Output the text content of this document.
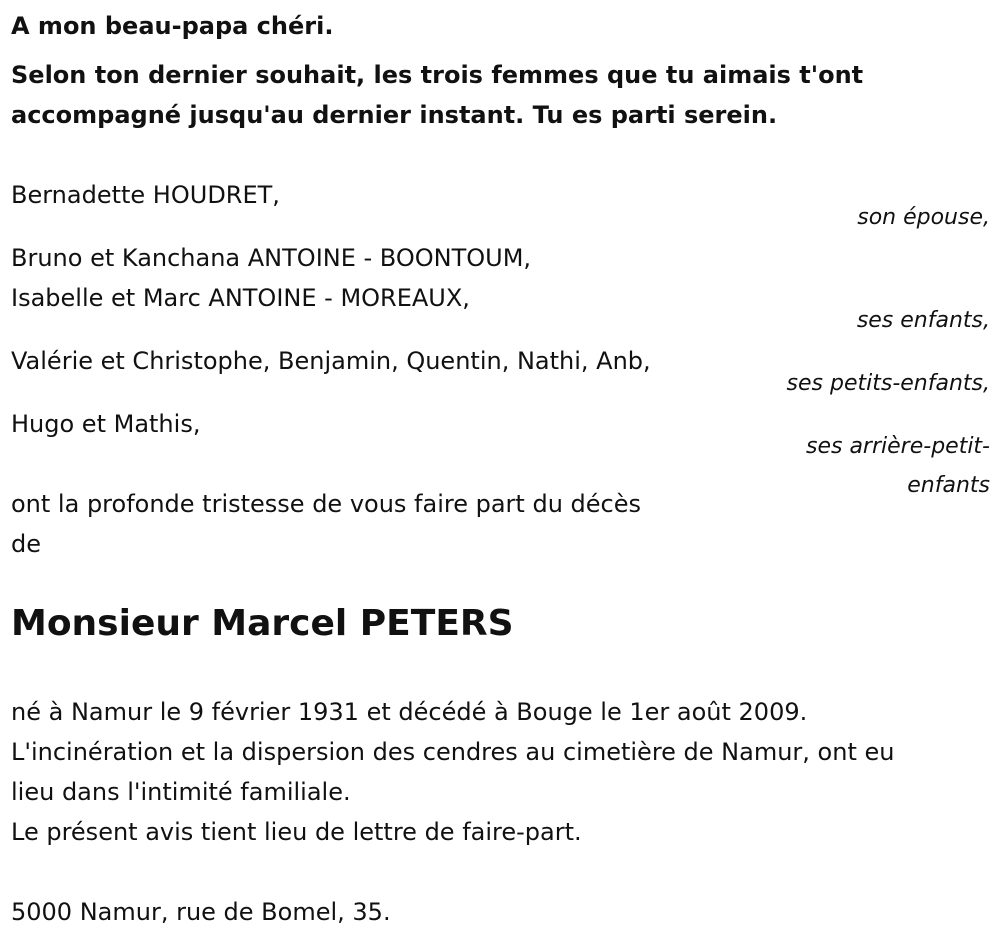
A mon beau-papa chéri.

Selon ton dernier souhait, les trois femmes que tu aimais t'ont

accompagné jusqu'au dernier instant. Tu es parti serein.

Bernadette HOUDRET,

son épouse,

Bruno et Kanchana ANTOINE - BOONTOUM,

Isabelle et Marc ANTOINE - MOREAUX,

ses enfants,

Valérie et Christophe, Benjamin, Quentin, Nathi, Anb,

ses petits-enfants,

Hugo et Mathis,

ses arrière-petit-

enfants

ont la profonde tristesse de vous faire part du décès

de

Monsieur Marcel PETERS

né à Namur le 9 février 1931 et décédé à Bouge le 1er août 2009.

L'incinération et la dispersion des cendres au cimetière de Namur, ont eu

lieu dans l'intimité familiale.

Le présent avis tient lieu de lettre de faire-part.

5000 Namur, rue de Bomel, 35.
